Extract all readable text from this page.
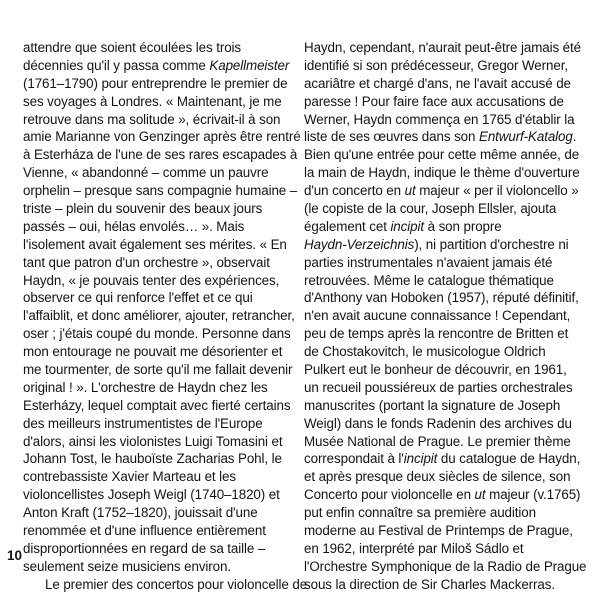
attendre que soient écoulées les trois
décennies qu'il y passa comme Kapellmeister
(1761–1790) pour entreprendre le premier de
ses voyages à Londres. « Maintenant, je me
retrouve dans ma solitude », écrivait-il à son
amie Marianne von Genzinger après être rentré
à Esterháza de l'une de ses rares escapades à
Vienne, « abandonné – comme un pauvre
orphelin – presque sans compagnie humaine –
triste – plein du souvenir des beaux jours
passés – oui, hélas envolés… ». Mais
l'isolement avait également ses mérites. « En
tant que patron d'un orchestre », observait
Haydn, « je pouvais tenter des expériences,
observer ce qui renforce l'effet et ce qui
l'affaiblit, et donc améliorer, ajouter, retrancher,
oser ; j'étais coupé du monde. Personne dans
mon entourage ne pouvait me désorienter et
me tourmenter, de sorte qu'il me fallait devenir
original ! ». L'orchestre de Haydn chez les
Esterházy, lequel comptait avec fierté certains
des meilleurs instrumentistes de l'Europe
d'alors, ainsi les violonistes Luigi Tomasini et
Johann Tost, le hauboïste Zacharias Pohl, le
contrebassiste Xavier Marteau et les
violoncellistes Joseph Weigl (1740–1820) et
Anton Kraft (1752–1820), jouissait d'une
renommée et d'une influence entièrement
disproportionnées en regard de sa taille –
seulement seize musiciens environ.
Le premier des concertos pour violoncelle de
Haydn, cependant, n'aurait peut-être jamais été
identifié si son prédécesseur, Gregor Werner,
acariâtre et chargé d'ans, ne l'avait accusé de
paresse ! Pour faire face aux accusations de
Werner, Haydn commença en 1765 d'établir la
liste de ses œuvres dans son Entwurf-Katalog.
Bien qu'une entrée pour cette même année, de
la main de Haydn, indique le thème d'ouverture
d'un concerto en ut majeur « per il violoncello »
(le copiste de la cour, Joseph Ellsler, ajouta
également cet incipit à son propre
Haydn-Verzeichnis), ni partition d'orchestre ni
parties instrumentales n'avaient jamais été
retrouvées. Même le catalogue thématique
d'Anthony van Hoboken (1957), réputé définitif,
n'en avait aucune connaissance ! Cependant,
peu de temps après la rencontre de Britten et
de Chostakovitch, le musicologue Oldrich
Pulkert eut le bonheur de découvrir, en 1961,
un recueil poussiéreux de parties orchestrales
manuscrites (portant la signature de Joseph
Weigl) dans le fonds Radenin des archives du
Musée National de Prague. Le premier thème
correspondait à l'incipit du catalogue de Haydn,
et après presque deux siècles de silence, son
Concerto pour violoncelle en ut majeur (v.1765)
put enfin connaître sa première audition
moderne au Festival de Printemps de Prague,
en 1962, interprété par Miloš Sádlo et
l'Orchestre Symphonique de la Radio de Prague
sous la direction de Sir Charles Mackerras.
10
